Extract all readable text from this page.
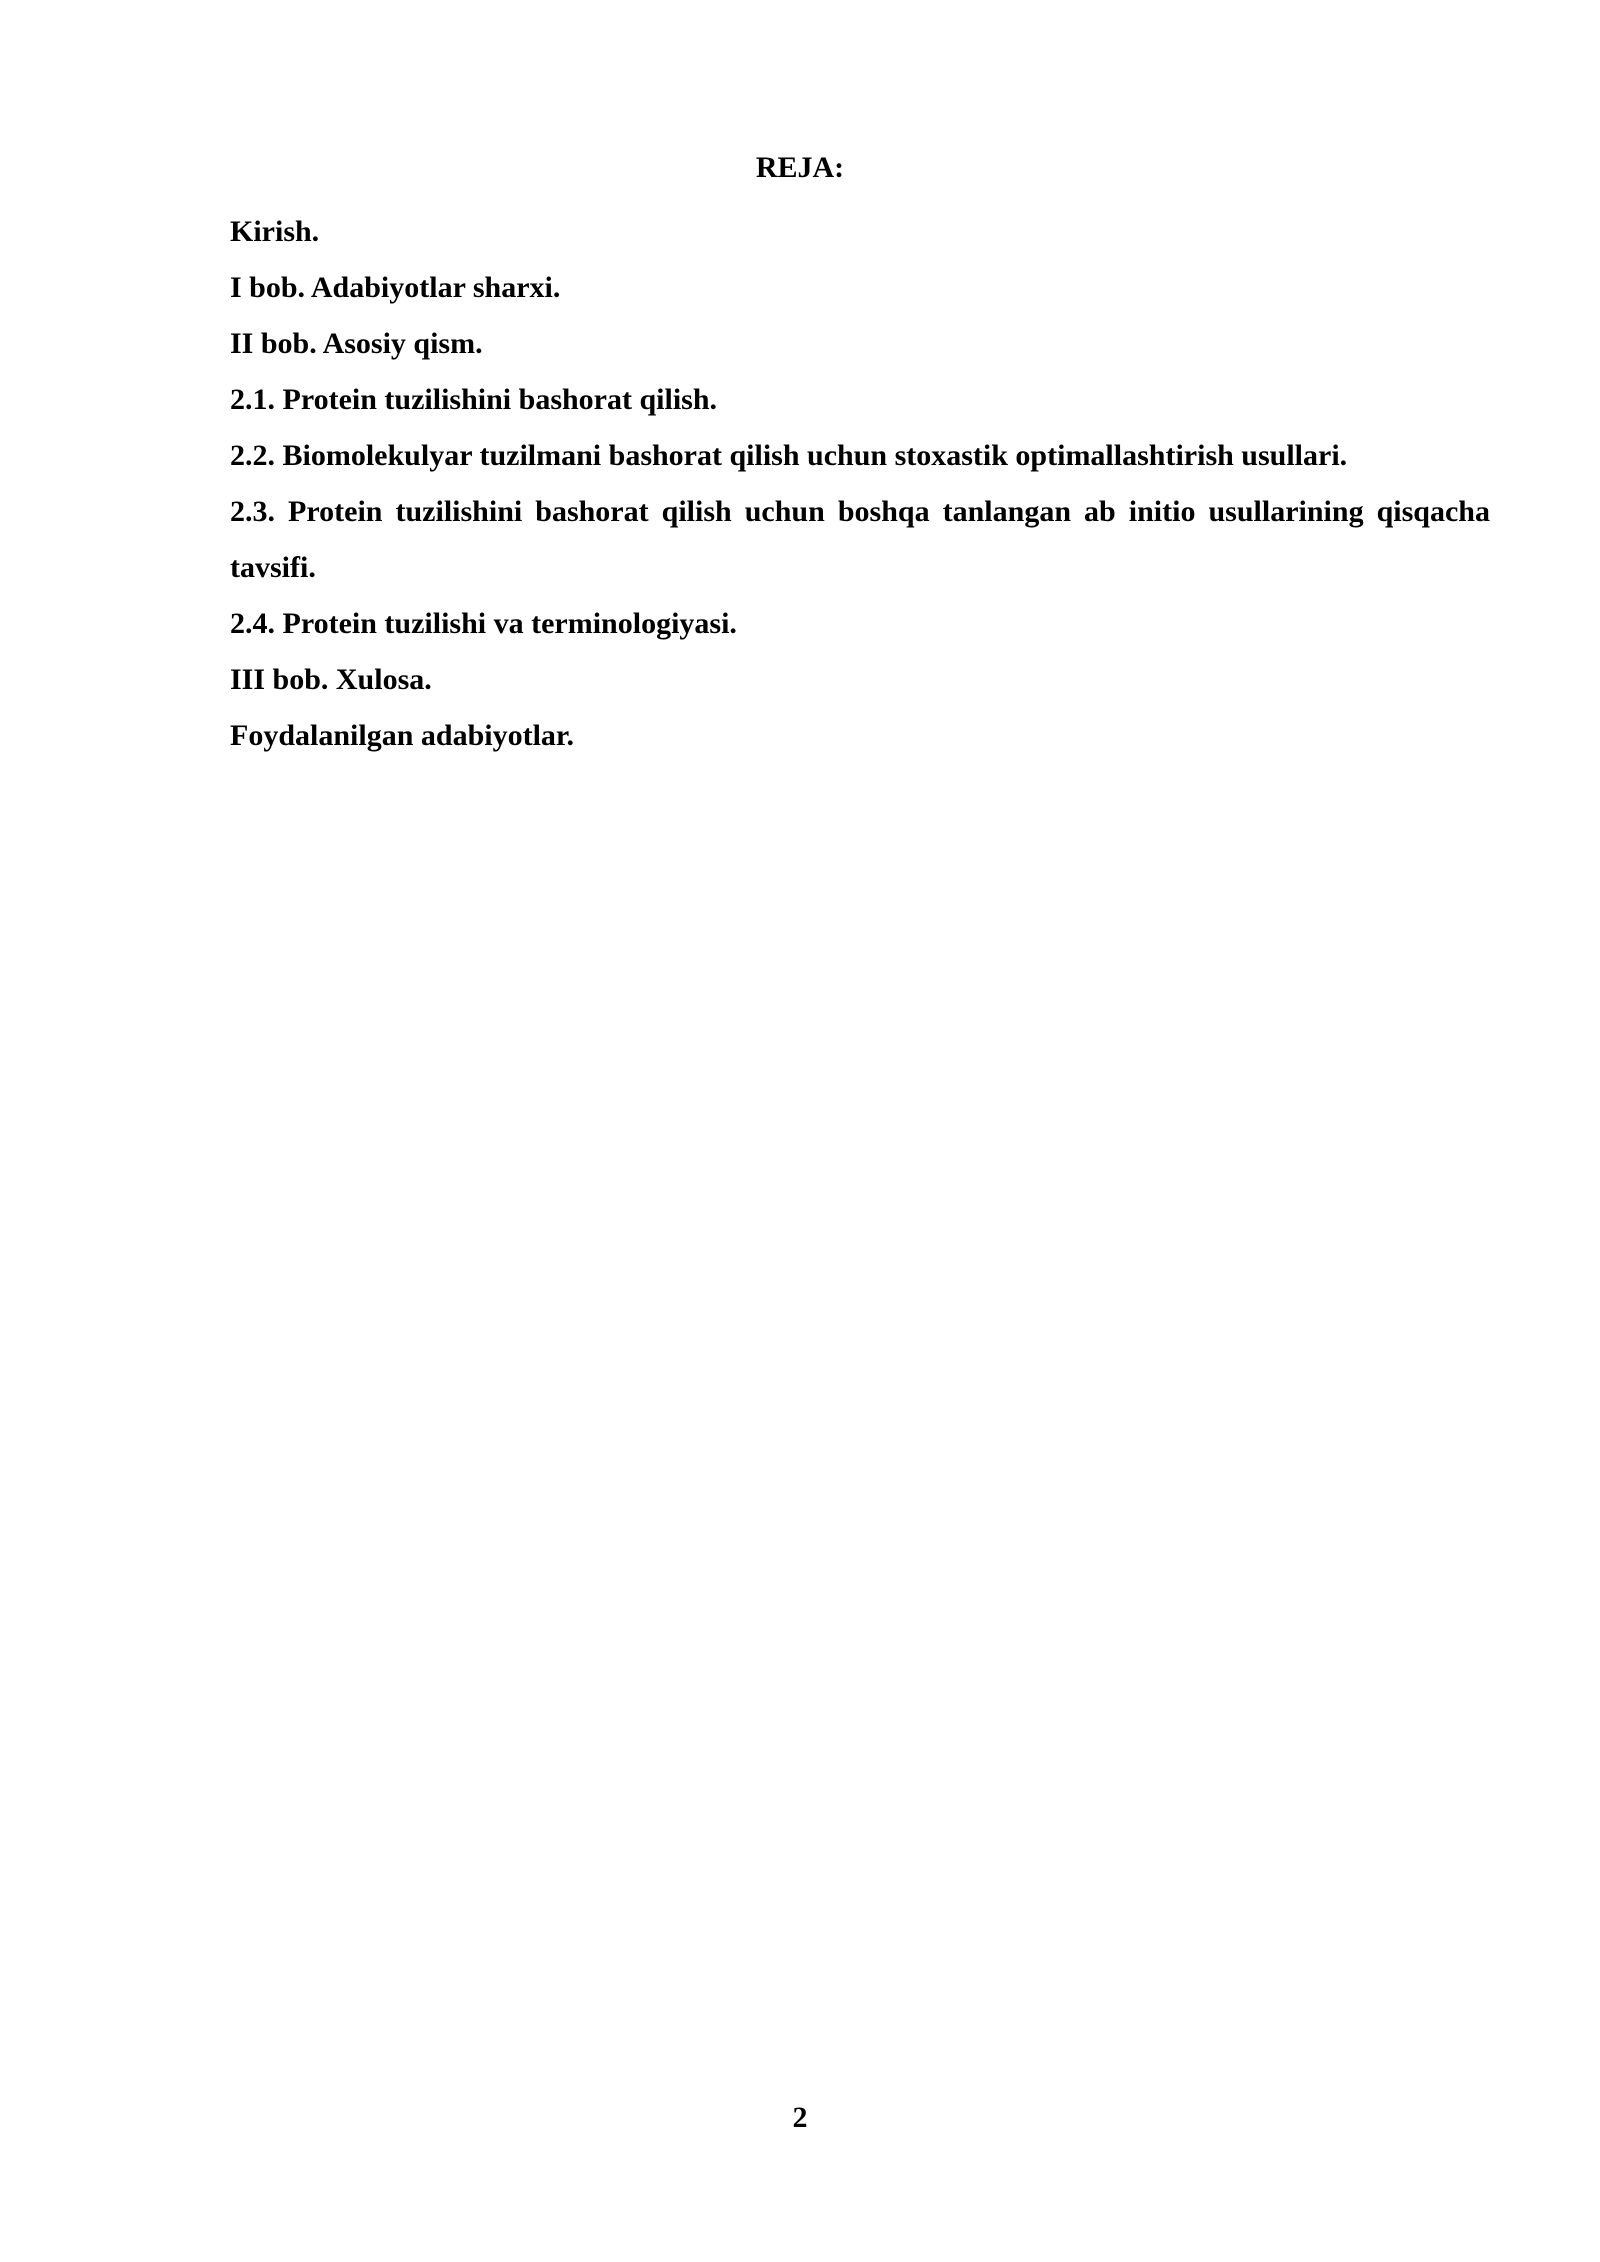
REJA:
Kirish.
I bob. Adabiyotlar sharxi.
II bob. Asosiy qism.
2.1. Protein tuzilishini bashorat qilish.
2.2. Biomolekulyar tuzilmani bashorat qilish uchun stoxastik optimallashtirish usullari.
2.3. Protein tuzilishini bashorat qilish uchun boshqa tanlangan ab initio usullarining qisqacha tavsifi.
2.4. Protein tuzilishi va terminologiyasi.
III bob. Xulosa.
Foydalanilgan adabiyotlar.
2
